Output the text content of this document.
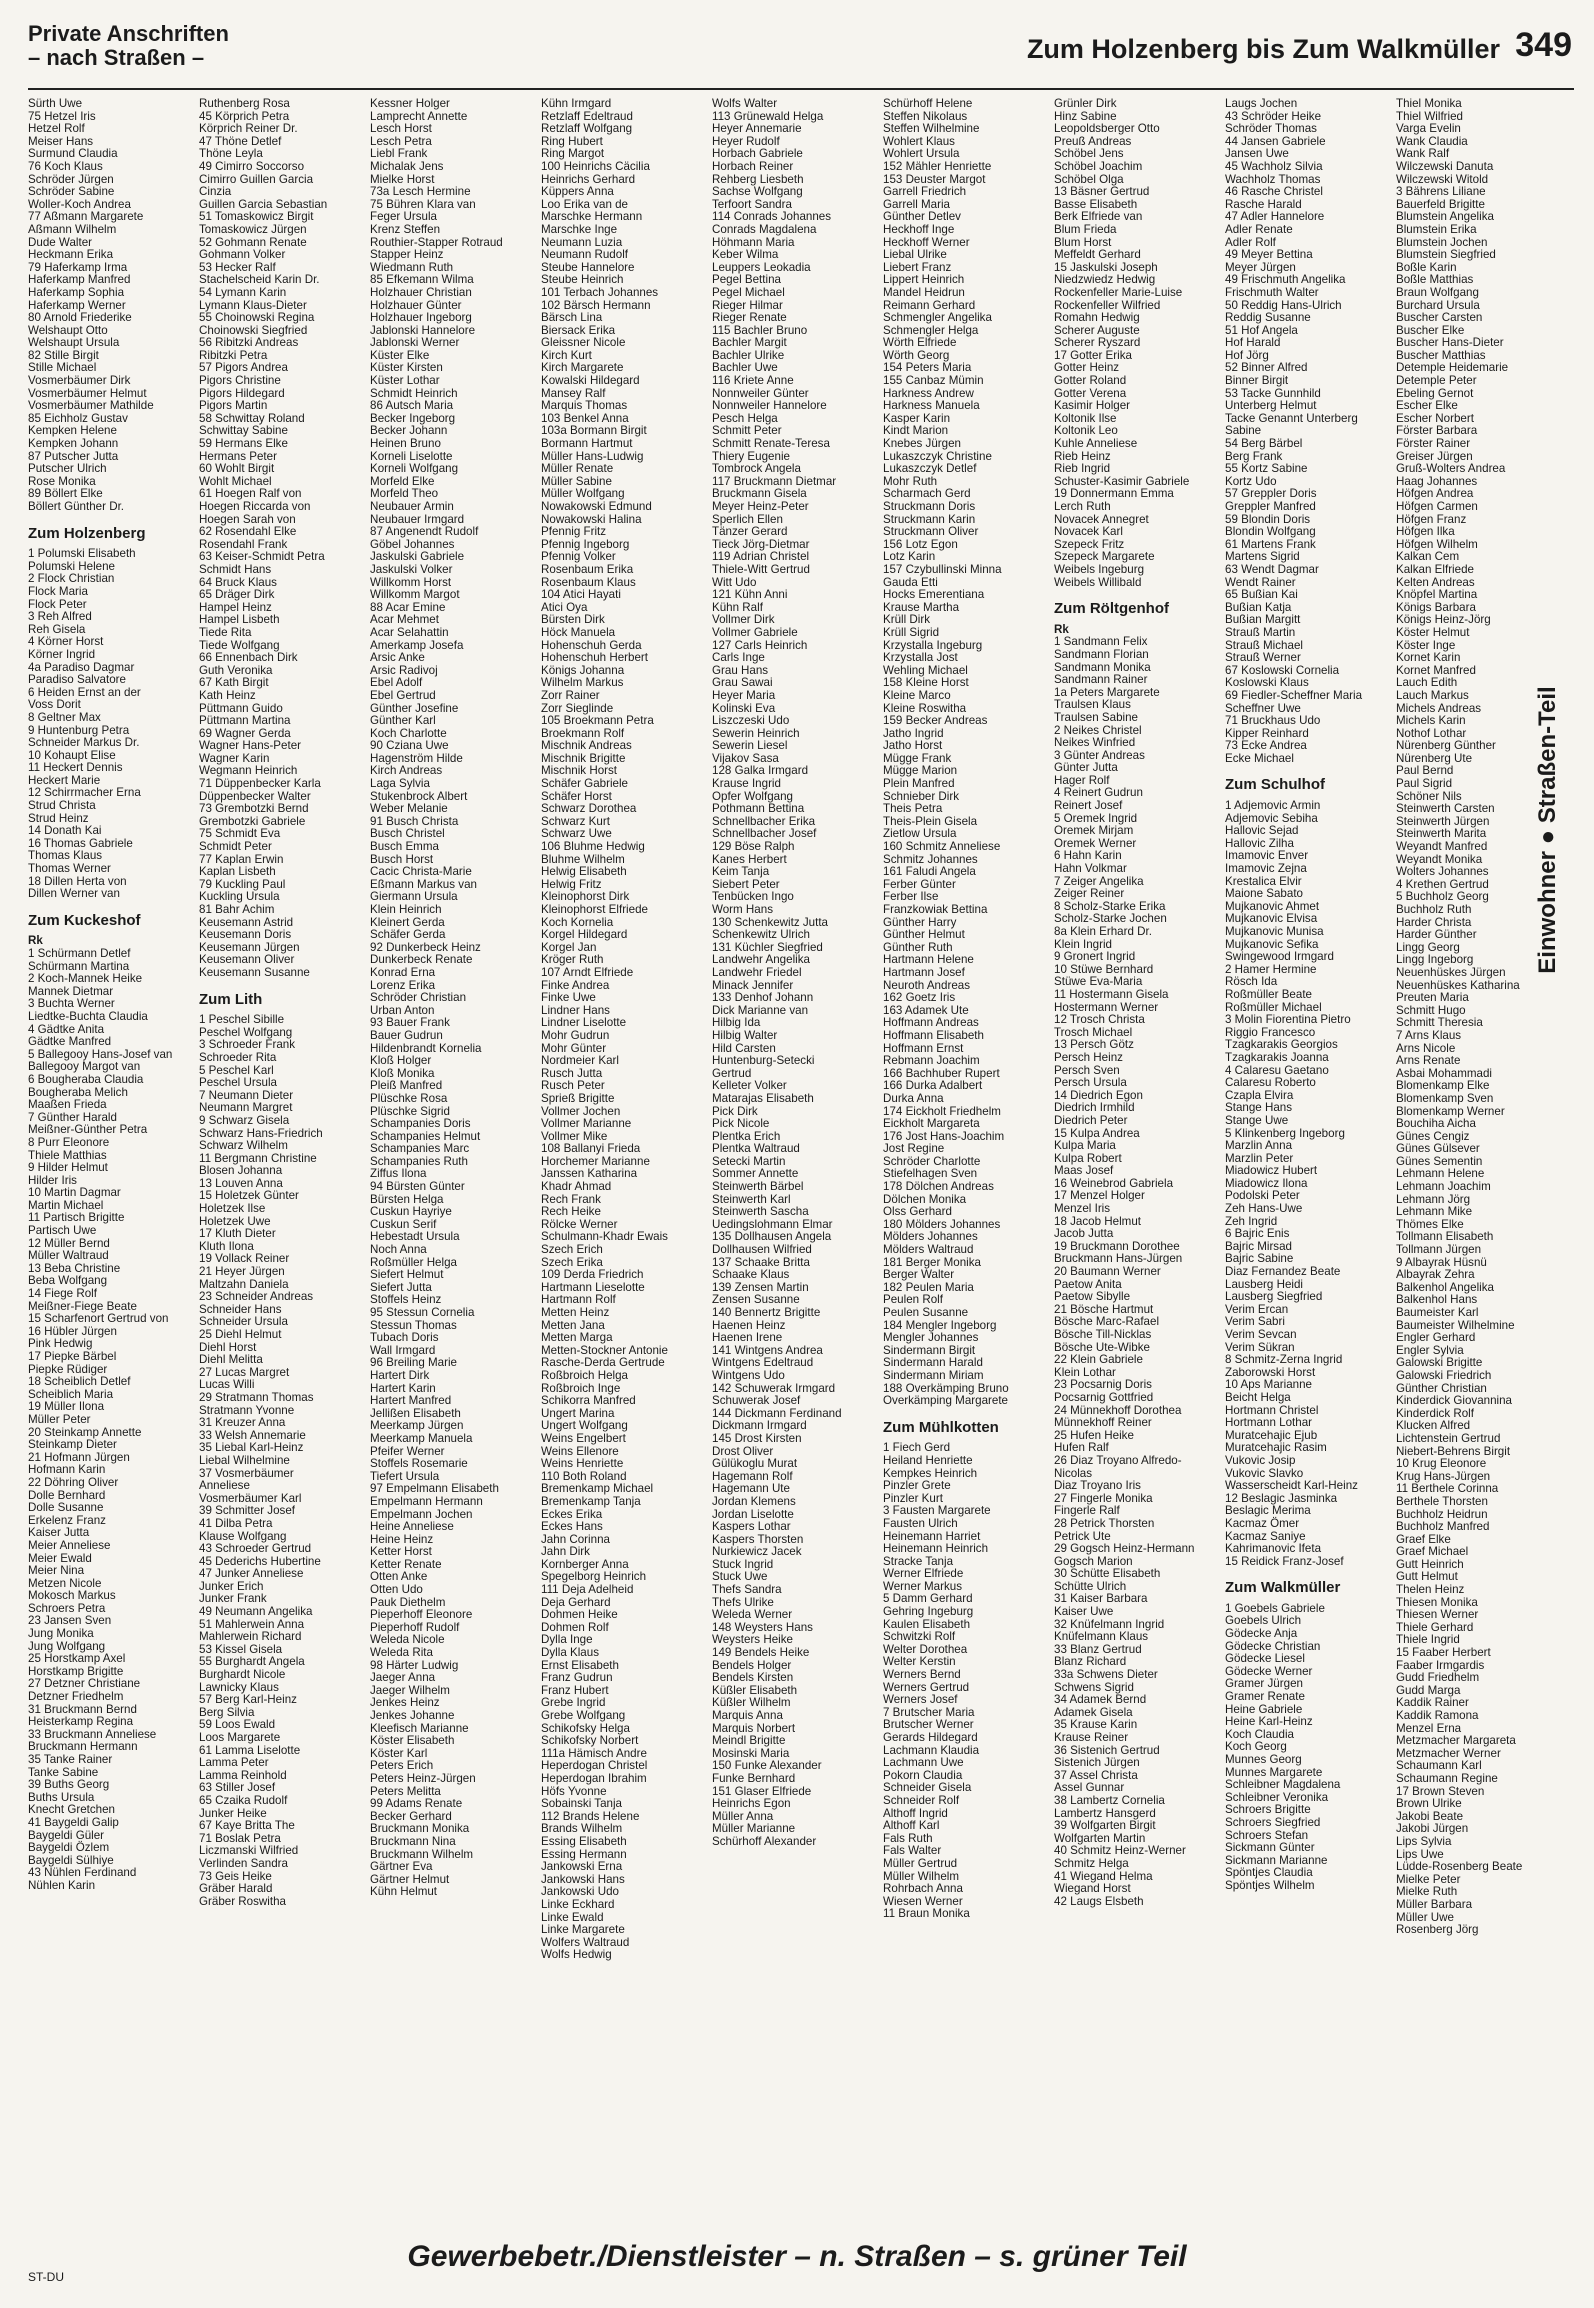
Private Anschriften
– nach Straßen –	Zum Holzenberg bis Zum Walkmüller 349
Sürth Uwe
75 Hetzel Iris
Hetzel Rolf
Meiser Hans
Surmund Claudia
76 Koch Klaus
Schröder Jürgen
Schröder Sabine
Woller-Koch Andrea
77 Aßmann Margarete
Aßmann Wilhelm
Dude Walter
Heckmann Erika
79 Haferkamp Irma
Haferkamp Manfred
Haferkamp Sophia
Haferkamp Werner
80 Arnold Friederike
Welshaupt Otto
Welshaupt Ursula
82 Stille Birgit
Stille Michael
Vosmerbäumer Dirk
Vosmerbäumer Helmut
Vosmerbäumer Mathilde
85 Eichholz Gustav
Kempken Helene
Kempken Johann
87 Putscher Jutta
Putscher Ulrich
Rose Monika
89 Böllert Elke
Böllert Günther Dr.
Zum Holzenberg
1 Polumski Elisabeth
Polumski Helene
2 Flock Christian
Flock Maria
Flock Peter
3 Reh Alfred
Reh Gisela
4 Körner Horst
Körner Ingrid
4a Paradiso Dagmar
Paradiso Salvatore
6 Heiden Ernst an der
Voss Dorit
8 Geltner Max
9 Huntenburg Petra
Schneider Markus Dr.
10 Kohaupt Elise
11 Heckert Dennis
Heckert Marie
12 Schirrmacher Erna
Strud Christa
Strud Heinz
14 Donath Kai
16 Thomas Gabriele
Thomas Klaus
Thomas Werner
18 Dillen Herta von
Dillen Werner van
Zum Kuckeshof
Rk
1 Schürmann Detlef
Schürmann Martina
2 Koch-Mannek Heike
Mannek Dietmar
3 Buchta Werner
Liedtke-Buchta Claudia
4 Gädtke Anita
Gädtke Manfred
5 Ballegooy Hans-Josef van
Ballegooy Margot van
6 Bougheraba Claudia
Bougheraba Melich
Maaßen Frieda
7 Günther Harald
Meißner-Günther Petra
8 Purr Eleonore
Thiele Matthias
9 Hilder Helmut
Hilder Iris
10 Martin Dagmar
Martin Michael
11 Partisch Brigitte
Partisch Uwe
12 Müller Bernd
Müller Waltraud
13 Beba Christine
Beba Wolfgang
14 Fiege Rolf
Meißner-Fiege Beate
15 Scharfenort Gertrud von
16 Hübler Jürgen
Pink Hedwig
17 Piepke Bärbel
Piepke Rüdiger
18 Scheiblich Detlef
Scheiblich Maria
19 Müller Ilona
Müller Peter
20 Steinkamp Annette
Steinkamp Dieter
21 Hofmann Jürgen
Hofmann Karin
22 Döhring Oliver
Dolle Bernhard
Dolle Susanne
Erkelenz Franz
Kaiser Jutta
Meier Anneliese
Meier Ewald
Meier Nina
Metzen Nicole
Mokosch Markus
Schroers Petra
23 Jansen Sven
Jung Monika
Jung Wolfgang
25 Horstkamp Axel
Horstkamp Brigitte
27 Detzner Christiane
Detzner Friedhelm
31 Bruckmann Bernd
Heisterkamp Regina
33 Bruckmann Anneliese
Bruckmann Hermann
35 Tanke Rainer
Tanke Sabine
39 Buths Georg
Buths Ursula
Knecht Gretchen
41 Baygeldi Galip
Baygeldi Güler
Baygeldi Özlem
Baygeldi Sülhiye
43 Nühlen Ferdinand
Nühlen Karin
Ruthenberg Rosa
45 Körprich Petra
Körprich Reiner Dr.
47 Thöne Detlef
Thöne Leyla
49 Cimirro Soccorso
Cimirro Guillen Garcia
Cinzia
Guillen Garcia Sebastian
51 Tomaskowicz Birgit
Tomaskowicz Jürgen
52 Gohmann Renate
Gohmann Volker
53 Hecker Ralf
Stachelscheid Karin Dr.
54 Lymann Karin
Lymann Klaus-Dieter
55 Choinowski Regina
Choinowski Siegfried
56 Ribitzki Andreas
Ribitzki Petra
57 Pigors Andrea
Pigors Christine
Pigors Hildegard
Pigors Martin
58 Schwittay Roland
Schwittay Sabine
59 Hermans Elke
Hermans Peter
60 Wohlt Birgit
Wohlt Michael
61 Hoegen Ralf von
Hoegen Riccarda von
Hoegen Sarah von
62 Rosendahl Elke
Rosendahl Frank
63 Keiser-Schmidt Petra
Schmidt Hans
64 Bruck Klaus
65 Dräger Dirk
Hampel Heinz
Hampel Lisbeth
Tiede Rita
Tiede Wolfgang
66 Ennenbach Dirk
Guth Veronika
67 Kath Birgit
Kath Heinz
Püttmann Guido
Püttmann Martina
69 Wagner Gerda
Wagner Hans-Peter
Wagner Karin
Wegmann Heinrich
71 Düppenbecker Karla
Düppenbecker Walter
73 Grembotzki Bernd
Grembotzki Gabriele
75 Schmidt Eva
Schmidt Peter
77 Kaplan Erwin
Kaplan Lisbeth
79 Kuckling Paul
Kuckling Ursula
81 Bahr Achim
Keusemann Astrid
Keusemann Doris
Keusemann Jürgen
Keusemann Oliver
Keusemann Susanne
Zum Lith
1 Peschel Sibille
Peschel Wolfgang
3 Schroeder Frank
Schroeder Rita
5 Peschel Karl
Peschel Ursula
7 Neumann Dieter
Neumann Margret
9 Schwarz Gisela
Schwarz Hans-Friedrich
Schwarz Wilhelm
11 Bergmann Christine
Blosen Johanna
13 Louven Anna
15 Holetzek Günter
Holetzek Ilse
Holetzek Uwe
17 Kluth Dieter
Kluth Ilona
19 Vollack Reiner
21 Heyer Jürgen
Maltzahn Daniela
23 Schneider Andreas
Schneider Hans
Schneider Ursula
25 Diehl Helmut
Diehl Horst
Diehl Melitta
27 Lucas Margret
Lucas Willi
29 Stratmann Thomas
Stratmann Yvonne
31 Kreuzer Anna
33 Welsh Annemarie
35 Liebal Karl-Heinz
Liebal Wilhelmine
37 Vosmerbäumer
Anneliese
Vosmerbäumer Karl
39 Schmitter Josef
41 Dilba Petra
Klause Wolfgang
43 Schroeder Gertrud
45 Dederichs Hubertine
47 Junker Anneliese
Junker Erich
Junker Frank
49 Neumann Angelika
51 Mahlerwein Anna
Mahlerwein Richard
53 Kissel Gisela
55 Burghardt Angela
Burghardt Nicole
Lawnicky Klaus
57 Berg Karl-Heinz
Berg Silvia
59 Loos Ewald
Loos Margarete
61 Lamma Liselotte
Lamma Peter
Lamma Reinhold
63 Stiller Josef
65 Czaika Rudolf
Junker Heike
67 Kaye Britta The
71 Boslak Petra
Liczmanski Wilfried
Verlinden Sandra
73 Geis Heike
Gräber Harald
Gräber Roswitha
Kessner Holger
Lamprecht Annette
Lesch Horst
Lesch Petra
Liebl Frank
Michalak Jens
Mielke Horst
73a Lesch Hermine
75 Bühren Klara van
Feger Ursula
Krenz Steffen
Routhier-Stapper Rotraud
Stapper Heinz
Wiedmann Ruth
85 Efkemann Wilma
Holzhauer Christian
Holzhauer Günter
Holzhauer Ingeborg
Jablonski Hannelore
Jablonski Werner
Küster Elke
Küster Kirsten
Küster Lothar
Schmidt Heinrich
86 Autsch Maria
Becker Ingeborg
Becker Johann
Heinen Bruno
Korneli Liselotte
Korneli Wolfgang
Morfeld Elke
Morfeld Theo
Neubauer Armin
Neubauer Irmgard
87 Angenendt Rudolf
Göbel Johannes
Jaskulski Gabriele
Jaskulski Volker
Willkomm Horst
Willkomm Margot
88 Acar Emine
Acar Mehmet
Acar Selahattin
Amerkamp Josefa
Arsic Anke
Arsic Radivoj
Ebel Adolf
Ebel Gertrud
Günther Josefine
Günther Karl
Koch Charlotte
90 Cziana Uwe
Hagenström Hilde
Kirch Andreas
Laga Sylvia
Stukenbrock Albert
Weber Melanie
91 Busch Christa
Busch Christel
Busch Emma
Busch Horst
Cacic Christa-Marie
Eßmann Markus van
Giermann Ursula
Klein Heinrich
Kleinert Gerda
Schäfer Gerda
92 Dunkerbeck Heinz
Dunkerbeck Renate
Konrad Erna
Lorenz Erika
Schröder Christian
Urban Anton
93 Bauer Frank
Bauer Gudrun
Hildenbrandt Kornelia
Kloß Holger
Kloß Monika
Pleiß Manfred
Plüschke Rosa
Plüschke Sigrid
Schampanies Doris
Schampanies Helmut
Schampanies Marc
Schampanies Ruth
Ziffus Ilona
94 Bürsten Günter
Bürsten Helga
Cuskun Hayriye
Cuskun Serif
Hebestadt Ursula
Noch Anna
Roßmüller Helga
Siefert Helmut
Siefert Jutta
Stoffels Heinz
95 Stessun Cornelia
Stessun Thomas
Tubach Doris
Wall Irmgard
96 Breiling Marie
Hartert Dirk
Hartert Karin
Hartert Manfred
Jellißen Elisabeth
Meerkamp Jürgen
Meerkamp Manuela
Pfeifer Werner
Stoffels Rosemarie
Tiefert Ursula
97 Empelmann Elisabeth
Empelmann Hermann
Empelmann Jochen
Heine Anneliese
Heine Heinz
Ketter Horst
Ketter Renate
Otten Anke
Otten Udo
Pauk Diethelm
Pieperhoff Eleonore
Pieperhoff Rudolf
Weleda Nicole
Weleda Rita
98 Härter Ludwig
Jaeger Anna
Jaeger Wilhelm
Jenkes Heinz
Jenkes Johanne
Kleefisch Marianne
Köster Elisabeth
Köster Karl
Peters Erich
Peters Heinz-Jürgen
Peters Melitta
99 Adams Renate
Becker Gerhard
Bruckmann Monika
Bruckmann Nina
Bruckmann Wilhelm
Gärtner Eva
Gärtner Helmut
Kühn Helmut
Kühn Irmgard
Retzlaff Edeltraud
Retzlaff Wolfgang
Ring Hubert
Ring Margot
100 Heinrichs Cäcilia
Heinrichs Gerhard
Küppers Anna
Loo Erika van de
Marschke Hermann
Marschke Inge
Neumann Luzia
Neumann Rudolf
Steube Hannelore
Steube Heinrich
101 Terbach Johannes
102 Bärsch Hermann
Bärsch Lina
Biersack Erika
Gleissner Nicole
Kirch Kurt
Kirch Margarete
Kowalski Hildegard
Mansey Ralf
Marquis Thomas
103 Benkel Anna
103a Bormann Birgit
Bormann Hartmut
Müller Hans-Ludwig
Müller Renate
Müller Sabine
Müller Wolfgang
Nowakowski Edmund
Nowakowski Halina
Pfennig Fritz
Pfennig Ingeborg
Pfennig Volker
Rosenbaum Erika
Rosenbaum Klaus
104 Atici Hayati
Atici Oya
Bürsten Dirk
Höck Manuela
Hohenschuh Gerda
Hohenschuh Herbert
Königs Johanna
Wilhelm Markus
Zorr Rainer
Zorr Sieglinde
105 Broekmann Petra
Broekmann Rolf
Mischnik Andreas
Mischnik Brigitte
Mischnik Horst
Schäfer Gabriele
Schäfer Horst
Schwarz Dorothea
Schwarz Kurt
Schwarz Uwe
106 Bluhme Hedwig
Bluhme Wilhelm
Helwig Elisabeth
Helwig Fritz
Kleinophorst Dirk
Kleinophorst Elfriede
Koch Kornelia
Korgel Hildegard
Korgel Jan
Kröger Ruth
107 Arndt Elfriede
Finke Andrea
Finke Uwe
Lindner Hans
Lindner Liselotte
Mohr Gudrun
Mohr Günter
Nordmeier Karl
Rusch Jutta
Rusch Peter
Sprieß Brigitte
Vollmer Jochen
Vollmer Marianne
Vollmer Mike
108 Ballanyi Frieda
Horchemer Marianne
Janssen Katharina
Khadr Ahmad
Rech Frank
Rech Heike
Rölcke Werner
Schulmann-Khadr Ewais
Szech Erich
Szech Erika
109 Derda Friedrich
Hartmann Lieselotte
Hartmann Rolf
Metten Heinz
Metten Jana
Metten Marga
Metten-Stockner Antonie
Rasche-Derda Gertrude
Roßbroich Helga
Roßbroich Inge
Schikorra Manfred
Ungert Marina
Ungert Wolfgang
Weins Engelbert
Weins Ellenore
Weins Henriette
110 Both Roland
Bremenkamp Michael
Bremenkamp Tanja
Eckes Erika
Eckes Hans
Jahn Corinna
Jahn Dirk
Kornberger Anna
Spegelborg Heinrich
111 Deja Adelheid
Deja Gerhard
Dohmen Heike
Dohmen Rolf
Dylla Inge
Dylla Klaus
Ernst Elisabeth
Franz Gudrun
Franz Hubert
Grebe Ingrid
Grebe Wolfgang
Schikofsky Helga
Schikofsky Norbert
111a Hämisch Andre
Heperdogan Christel
Heperdogan Ibrahim
Höfs Yvonne
Sobainski Tanja
112 Brands Helene
Brands Wilhelm
Essing Elisabeth
Essing Hermann
Jankowski Erna
Jankowski Hans
Jankowski Udo
Linke Eckhard
Linke Ewald
Linke Margarete
Wolfers Waltraud
Wolfs Hedwig
Wolfs Walter
113 Grünewald Helga
Heyer Annemarie
Heyer Rudolf
Horbach Gabriele
Horbach Reiner
Rehberg Liesbeth
Sachse Wolfgang
Terfoort Sandra
114 Conrads Johannes
Conrads Magdalena
Höhmann Maria
Keber Wilma
Leuppers Leokadia
Pegel Bettina
Pegel Michael
Rieger Hilmar
Rieger Renate
115 Bachler Bruno
Bachler Margit
Bachler Ulrike
Bachler Uwe
116 Kriete Anne
Nonnweiler Günter
Nonnweiler Hannelore
Pesch Helga
Schmitt Peter
Schmitt Renate-Teresa
Thiery Eugenie
Tombrock Angela
117 Bruckmann Dietmar
Bruckmann Gisela
Meyer Heinz-Peter
Sperlich Ellen
Tänzer Gerard
Tieck Jörg-Dietmar
119 Adrian Christel
Thiele-Witt Gertrud
Witt Udo
121 Kühn Anni
Kühn Ralf
Vollmer Dirk
Vollmer Gabriele
127 Carls Heinrich
Carls Inge
Grau Hans
Grau Sawai
Heyer Maria
Kolinski Eva
Liszczeski Udo
Sewerin Heinrich
Sewerin Liesel
Vijakov Sasa
128 Galka Irmgard
Krause Ingrid
Opfer Wolfgang
Pothmann Bettina
Schnellbacher Erika
Schnellbacher Josef
129 Böse Ralph
Kanes Herbert
Keim Tanja
Siebert Peter
Tenbücken Ingo
Worm Hans
130 Schenkewitz Jutta
Schenkewitz Ulrich
131 Küchler Siegfried
Landwehr Angelika
Landwehr Friedel
Minack Jennifer
133 Denhof Johann
Dick Marianne van
Hilbig Ida
Hilbig Walter
Hild Carsten
Huntenburg-Setecki
Gertrud
Kelleter Volker
Matarajas Elisabeth
Pick Dirk
Pick Nicole
Plentka Erich
Plentka Waltraud
Setecki Martin
Sommer Annette
Steinwerth Bärbel
Steinwerth Karl
Steinwerth Sascha
Uedingslohmann Elmar
135 Dollhausen Angela
Dollhausen Wilfried
137 Schaake Britta
Schaake Klaus
139 Zensen Martin
Zensen Susanne
140 Bennertz Brigitte
Haenen Heinz
Haenen Irene
141 Wintgens Andrea
Wintgens Edeltraud
Wintgens Udo
142 Schuwerak Irmgard
Schuwerak Josef
144 Dickmann Ferdinand
Dickmann Irmgard
145 Drost Kirsten
Drost Oliver
Gülükoglu Murat
Hagemann Rolf
Hagemann Ute
Jordan Klemens
Jordan Liselotte
Kaspers Lothar
Kaspers Thorsten
Nurkiewicz Jacek
Stuck Ingrid
Stuck Uwe
Thefs Sandra
Thefs Ulrike
Weleda Werner
148 Weysters Hans
Weysters Heike
149 Bendels Heike
Bendels Holger
Bendels Kirsten
Küßler Elisabeth
Küßler Wilhelm
Marquis Anna
Marquis Norbert
Meindl Brigitte
Mosinski Maria
150 Funke Alexander
Funke Bernhard
151 Glaser Elfriede
Heinrichs Egon
Müller Anna
Müller Marianne
Schürhoff Alexander
Schürhoff Helene
Steffen Nikolaus
Steffen Wilhelmine
Wohlert Klaus
Wohlert Ursula
152 Mähler Henriette
153 Deuster Margot
Garrell Friedrich
Garrell Maria
Günther Detlev
Heckhoff Inge
Heckhoff Werner
Liebal Ulrike
Liebert Franz
Lippert Heinrich
Mandel Heidrun
Reimann Gerhard
Schmengler Angelika
Schmengler Helga
Wörth Elfriede
Wörth Georg
154 Peters Maria
155 Canbaz Mümin
Harkness Andrew
Harkness Manuela
Kasper Karin
Kindt Marion
Knebes Jürgen
Lukaszczyk Christine
Lukaszczyk Detlef
Mohr Ruth
Scharmach Gerd
Struckmann Doris
Struckmann Karin
Struckmann Oliver
156 Lotz Egon
Lotz Karin
157 Czybullinski Minna
Gauda Etti
Hocks Emerentiana
Krause Martha
Krüll Dirk
Krüll Sigrid
Krzystalla Ingeburg
Krzystalla Jost
Wehling Michael
158 Kleine Horst
Kleine Marco
Kleine Roswitha
159 Becker Andreas
Jatho Ingrid
Jatho Horst
Mügge Frank
Mügge Marion
Plein Manfred
Schnieber Dirk
Theis Petra
Theis-Plein Gisela
Zietlow Ursula
160 Schmitz Anneliese
Schmitz Johannes
161 Faludi Angela
Ferber Günter
Ferber Ilse
Franzkowiak Bettina
Günther Harry
Günther Helmut
Günther Ruth
Hartmann Helene
Hartmann Josef
Neuroth Andreas
162 Goetz Iris
163 Adamek Ute
Hoffmann Andreas
Hoffmann Elisabeth
Hoffmann Ernst
Rebmann Joachim
166 Bachhuber Rupert
166 Durka Adalbert
Durka Anna
174 Eickholt Friedhelm
Eickholt Margareta
176 Jost Hans-Joachim
Jost Regine
Schröder Charlotte
Stiefelhagen Sven
178 Dölchen Andreas
Dölchen Monika
Olss Gerhard
180 Mölders Johannes
Mölders Johannes
Mölders Waltraud
181 Berger Monika
Berger Walter
182 Peulen Maria
Peulen Rolf
Peulen Susanne
184 Mengler Ingeborg
Mengler Johannes
Sindermann Birgit
Sindermann Harald
Sindermann Miriam
188 Overkämping Bruno
Overkämping Margarete
Zum Mühlkotten
1 Fiech Gerd
Heiland Henriette
Kempkes Heinrich
Pinzler Grete
Pinzler Kurt
3 Fausten Margarete
Fausten Ulrich
Heinemann Harriet
Heinemann Heinrich
Stracke Tanja
Werner Elfriede
Werner Markus
5 Damm Gerhard
Gehring Ingeburg
Kaulen Elisabeth
Schwitzki Rolf
Welter Dorothea
Welter Kerstin
Werners Bernd
Werners Gertrud
Werners Josef
7 Brutscher Maria
Brutscher Werner
Gerards Hildegard
Lachmann Klaudia
Lachmann Uwe
Pokorn Claudia
Schneider Gisela
Schneider Rolf
Althoff Ingrid
Althoff Karl
Fals Ruth
Fals Walter
Müller Gertrud
Müller Wilhelm
Rohrbach Anna
Wiesen Werner
11 Braun Monika
Grünler Dirk
Hinz Sabine
Leopoldsberger Otto
Preuß Andreas
Schöbel Jens
Schöbel Joachim
Schöbel Olga
13 Bäsner Gertrud
Basse Elisabeth
Berk Elfriede van
Blum Frieda
Blum Horst
Meffeldt Gerhard
15 Jaskulski Joseph
Niedzwiedz Hedwig
Rockenfeller Marie-Luise
Rockenfeller Wilfried
Romahn Hedwig
Scherer Auguste
Scherer Ryszard
17 Gotter Erika
Gotter Heinz
Gotter Roland
Gotter Verena
Kasimir Holger
Koltonik Ilse
Koltonik Leo
Kuhle Anneliese
Rieb Heinz
Rieb Ingrid
Schuster-Kasimir Gabriele
19 Donnermann Emma
Lerch Ruth
Novacek Annegret
Novacek Karl
Szepeck Fritz
Szepeck Margarete
Weibels Ingeburg
Weibels Willibald
Zum Röltgenhof
Rk
1 Sandmann Felix
Sandmann Florian
Sandmann Monika
Sandmann Rainer
1a Peters Margarete
Traulsen Klaus
Traulsen Sabine
2 Neikes Christel
Neikes Winfried
3 Günter Andreas
Günter Jutta
Hager Rolf
4 Reinert Gudrun
Reinert Josef
5 Oremek Ingrid
Oremek Mirjam
Oremek Werner
6 Hahn Karin
Hahn Volkmar
7 Zeiger Angelika
Zeiger Reiner
8 Scholz-Starke Erika
Scholz-Starke Jochen
8a Klein Erhard Dr.
Klein Ingrid
9 Gronert Ingrid
10 Stüwe Bernhard
Stüwe Eva-Maria
11 Hostermann Gisela
Hostermann Werner
12 Trosch Christa
Trosch Michael
13 Persch Götz
Persch Heinz
Persch Sven
Persch Ursula
14 Diedrich Egon
Diedrich Irmhild
Diedrich Peter
15 Kulpa Andrea
Kulpa Maria
Kulpa Robert
Maas Josef
16 Weinebrod Gabriela
17 Menzel Holger
Menzel Iris
18 Jacob Helmut
Jacob Jutta
19 Bruckmann Dorothee
Bruckmann Hans-Jürgen
20 Baumann Werner
Paetow Anita
Paetow Sibylle
21 Bösche Hartmut
Bösche Marc-Rafael
Bösche Till-Nicklas
Bösche Ute-Wibke
22 Klein Gabriele
Klein Lothar
23 Pocsarnig Doris
Pocsarnig Gottfried
24 Münnekhoff Dorothea
Münnekhoff Reiner
25 Hufen Heike
Hufen Ralf
26 Diaz Troyano Alfredo-
Nicolas
Diaz Troyano Iris
27 Fingerle Monika
Fingerle Ralf
28 Petrick Thorsten
Petrick Ute
29 Gogsch Heinz-Hermann
Gogsch Marion
30 Schütte Elisabeth
Schütte Ulrich
31 Kaiser Barbara
Kaiser Uwe
32 Knüfelmann Ingrid
Knüfelmann Klaus
33 Blanz Gertrud
Blanz Richard
33a Schwens Dieter
Schwens Sigrid
34 Adamek Bernd
Adamek Gisela
35 Krause Karin
Krause Reiner
36 Sistenich Gertrud
Sistenich Jürgen
37 Assel Christa
Assel Gunnar
38 Lambertz Cornelia
Lambertz Hansgerd
39 Wolfgarten Birgit
Wolfgarten Martin
40 Schmitz Heinz-Werner
Schmitz Helga
41 Wiegand Helma
Wiegand Horst
42 Laugs Elsbeth
Laugs Jochen
43 Schröder Heike
Schröder Thomas
44 Jansen Gabriele
Jansen Uwe
45 Wachholz Silvia
Wachholz Thomas
46 Rasche Christel
Rasche Harald
47 Adler Hannelore
Adler Renate
Adler Rolf
49 Meyer Bettina
Meyer Jürgen
49 Frischmuth Angelika
Frischmuth Walter
50 Reddig Hans-Ulrich
Reddig Susanne
51 Hof Angela
Hof Harald
Hof Jörg
52 Binner Alfred
Binner Birgit
53 Tacke Gunnhild
Unterberg Helmut
Tacke Genannt Unterberg
Sabine
54 Berg Bärbel
Berg Frank
55 Kortz Sabine
Kortz Udo
57 Greppler Doris
Greppler Manfred
59 Blondin Doris
Blondin Wolfgang
61 Martens Frank
Martens Sigrid
63 Wendt Dagmar
Wendt Rainer
65 Bußian Kai
Bußian Katja
Bußian Margitt
Strauß Martin
Strauß Michael
Strauß Werner
67 Koslowski Cornelia
Koslowski Klaus
69 Fiedler-Scheffner Maria
Scheffner Uwe
71 Bruckhaus Udo
Kipper Reinhard
73 Ecke Andrea
Ecke Michael
Zum Schulhof
1 Adjemovic Armin
Adjemovic Sebiha
Hallovic Sejad
Hallovic Zilha
Imamovic Enver
Imamovic Zejna
Krestalica Elvir
Maione Sabato
Mujkanovic Ahmet
Mujkanovic Elvisa
Mujkanovic Munisa
Mujkanovic Sefika
Swingewood Irmgard
2 Hamer Hermine
Rösch Ida
Roßmüller Beate
Roßmüller Michael
3 Molin Fiorentina Pietro
Riggio Francesco
Tzagkarakis Georgios
Tzagkarakis Joanna
4 Calaresu Gaetano
Calaresu Roberto
Czapla Elvira
Stange Hans
Stange Uwe
5 Klinkenberg Ingeborg
Marzlin Anna
Marzlin Peter
Miadowicz Hubert
Miadowicz Ilona
Podolski Peter
Zeh Hans-Uwe
Zeh Ingrid
6 Bajric Enis
Bajric Mirsad
Bajric Sabine
Diaz Fernandez Beate
Lausberg Heidi
Lausberg Siegfried
Verim Ercan
Verim Sabri
Verim Sevcan
Verim Sükran
8 Schmitz-Zerna Ingrid
Zaborowski Horst
10 Aps Marianne
Beicht Helga
Hortmann Christel
Hortmann Lothar
Muratcehajic Ejub
Muratcehajic Rasim
Vukovic Josip
Vukovic Slavko
Wasserscheidt Karl-Heinz
12 Beslagic Jasminka
Beslagic Merima
Kacmaz Ömer
Kacmaz Saniye
Kahrimanovic Ifeta
15 Reidick Franz-Josef
Zum Walkmüller
1 Goebels Gabriele
Goebels Ulrich
Gödecke Anja
Gödecke Christian
Gödecke Liesel
Gödecke Werner
Gramer Jürgen
Gramer Renate
Heine Gabriele
Heine Karl-Heinz
Koch Claudia
Koch Georg
Munnes Georg
Munnes Margarete
Schleibner Magdalena
Schleibner Veronika
Schroers Brigitte
Schroers Siegfried
Schroers Stefan
Sickmann Günter
Sickmann Marianne
Spöntjes Claudia
Spöntjes Wilhelm
Thiel Monika
Thiel Wilfried
Varga Evelin
Wank Claudia
Wank Ralf
Wilczewski Danuta
Wilczewski Witold
3 Bährens Liliane
Bauerfeld Brigitte
Blumstein Angelika
Blumstein Erika
Blumstein Jochen
Blumstein Siegfried
Boßle Karin
Boßle Matthias
Braun Wolfgang
Burchard Ursula
Buscher Carsten
Buscher Elke
Buscher Hans-Dieter
Buscher Matthias
Detemple Heidemarie
Detemple Peter
Ebeling Gernot
Escher Elke
Escher Norbert
Förster Barbara
Förster Rainer
Greiser Jürgen
Gruß-Wolters Andrea
Haag Johannes
Höfgen Andrea
Höfgen Carmen
Höfgen Franz
Höfgen Ilka
Höfgen Wilhelm
Kalkan Cem
Kalkan Elfriede
Kelten Andreas
Knöpfel Martina
Königs Barbara
Königs Heinz-Jörg
Köster Helmut
Köster Inge
Kornet Karin
Kornet Manfred
Lauch Edith
Lauch Markus
Michels Andreas
Michels Karin
Nothof Lothar
Nürenberg Günther
Nürenberg Ute
Paul Bernd
Paul Sigrid
Schöner Nils
Steinwerth Carsten
Steinwerth Jürgen
Steinwerth Marita
Weyandt Manfred
Weyandt Monika
Wolters Johannes
4 Krethen Gertrud
5 Buchholz Georg
Buchholz Ruth
Harder Christa
Harder Günther
Lingg Georg
Lingg Ingeborg
Neuenhüskes Jürgen
Neuenhüskes Katharina
Preuten Maria
Schmitt Hugo
Schmitt Theresia
7 Arns Klaus
Arns Nicole
Arns Renate
Asbai Mohammadi
Blomenkamp Elke
Blomenkamp Sven
Blomenkamp Werner
Bouchiha Aicha
Günes Cengiz
Günes Gülsever
Günes Sementin
Lehmann Helene
Lehmann Joachim
Lehmann Jörg
Lehmann Mike
Thömes Elke
Tollmann Elisabeth
Tollmann Jürgen
9 Albayrak Hüsnü
Albayrak Zehra
Balkenhol Angelika
Balkenhol Hans
Baumeister Karl
Baumeister Wilhelmine
Engler Gerhard
Engler Sylvia
Galowski Brigitte
Galowski Friedrich
Günther Christian
Kinderdick Giovannina
Kinderdick Rolf
Klucken Alfred
Lichtenstein Gertrud
Niebert-Behrens Birgit
10 Krug Eleonore
Krug Hans-Jürgen
11 Berthele Corinna
Berthele Thorsten
Buchholz Heidrun
Buchholz Manfred
Graef Elke
Graef Michael
Gutt Heinrich
Gutt Helmut
Thelen Heinz
Thiesen Monika
Thiesen Werner
Thiele Gerhard
Thiele Ingrid
15 Faaber Herbert
Faaber Irmgardis
Gudd Friedhelm
Gudd Marga
Kaddik Rainer
Kaddik Ramona
Menzel Erna
Metzmacher Margareta
Metzmacher Werner
Schaumann Karl
Schaumann Regine
17 Brown Steven
Brown Ulrike
Jakobi Beate
Jakobi Jürgen
Lips Sylvia
Lips Uwe
Lüdde-Rosenberg Beate
Mielke Peter
Mielke Ruth
Müller Barbara
Müller Uwe
Rosenberg Jörg
Einwohner ● Straßen-Teil
Gewerbebetr./Dienstleister – n. Straßen – s. grüner Teil
ST-DU
